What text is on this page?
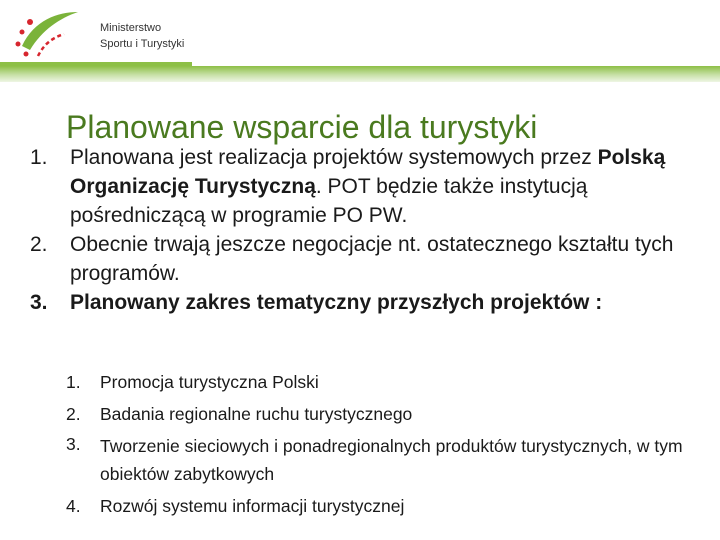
Ministerstwo
Sportu i Turystyki
Planowane wsparcie dla turystyki
1. Planowana jest realizacja projektów systemowych przez Polską Organizację Turystyczną. POT będzie także instytucją pośredniczącą w programie PO PW.
2. Obecnie trwają jeszcze negocjacje nt. ostatecznego kształtu tych programów.
3. Planowany zakres tematyczny przyszłych projektów :
1. Promocja turystyczna Polski
2. Badania regionalne ruchu turystycznego
3. Tworzenie sieciowych i ponadregionalnych produktów turystycznych, w tym obiektów zabytkowych
4. Rozwój systemu informacji turystycznej
